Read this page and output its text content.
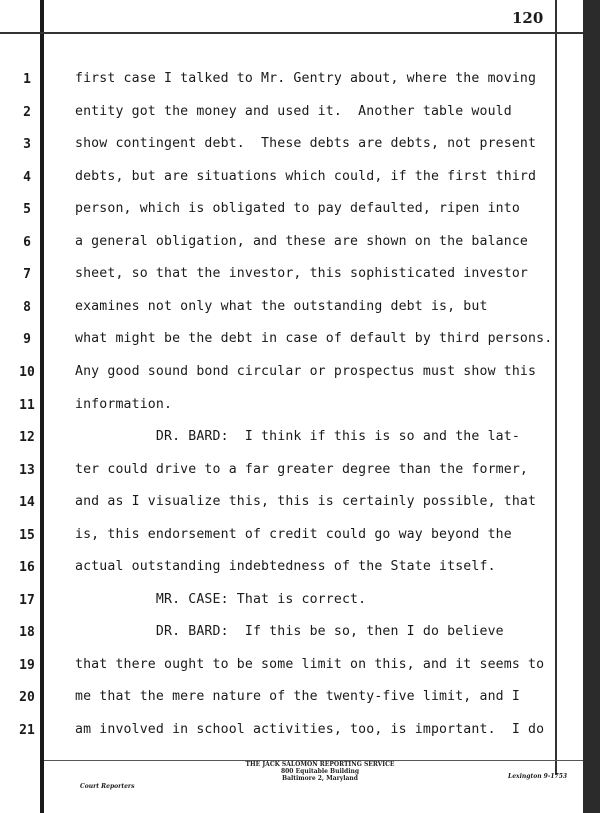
120
1	first case I talked to Mr. Gentry about, where the moving
2	entity got the money and used it.  Another table would
3	show contingent debt.  These debts are debts, not present
4	debts, but are situations which could, if the first third
5	person, which is obligated to pay defaulted, ripen into
6	a general obligation, and these are shown on the balance
7	sheet, so that the investor, this sophisticated investor
8	examines not only what the outstanding debt is, but
9	what might be the debt in case of default by third persons.
10	Any good sound bond circular or prospectus must show this
11	information.
12	DR. BARD:  I think if this is so and the lat-
13	ter could drive to a far greater degree than the former,
14	and as I visualize this, this is certainly possible, that
15	is, this endorsement of credit could go way beyond the
16	actual outstanding indebtedness of the State itself.
17	MR. CASE: That is correct.
18	DR. BARD:  If this be so, then I do believe
19	that there ought to be some limit on this, and it seems to
20	me that the mere nature of the twenty-five limit, and I
21	am involved in school activities, too, is important.  I do
THE JACK SALOMON REPORTING SERVICE
800 Equitable Building
Baltimore 2, Maryland
Court Reporters
Lexington 9-1753
